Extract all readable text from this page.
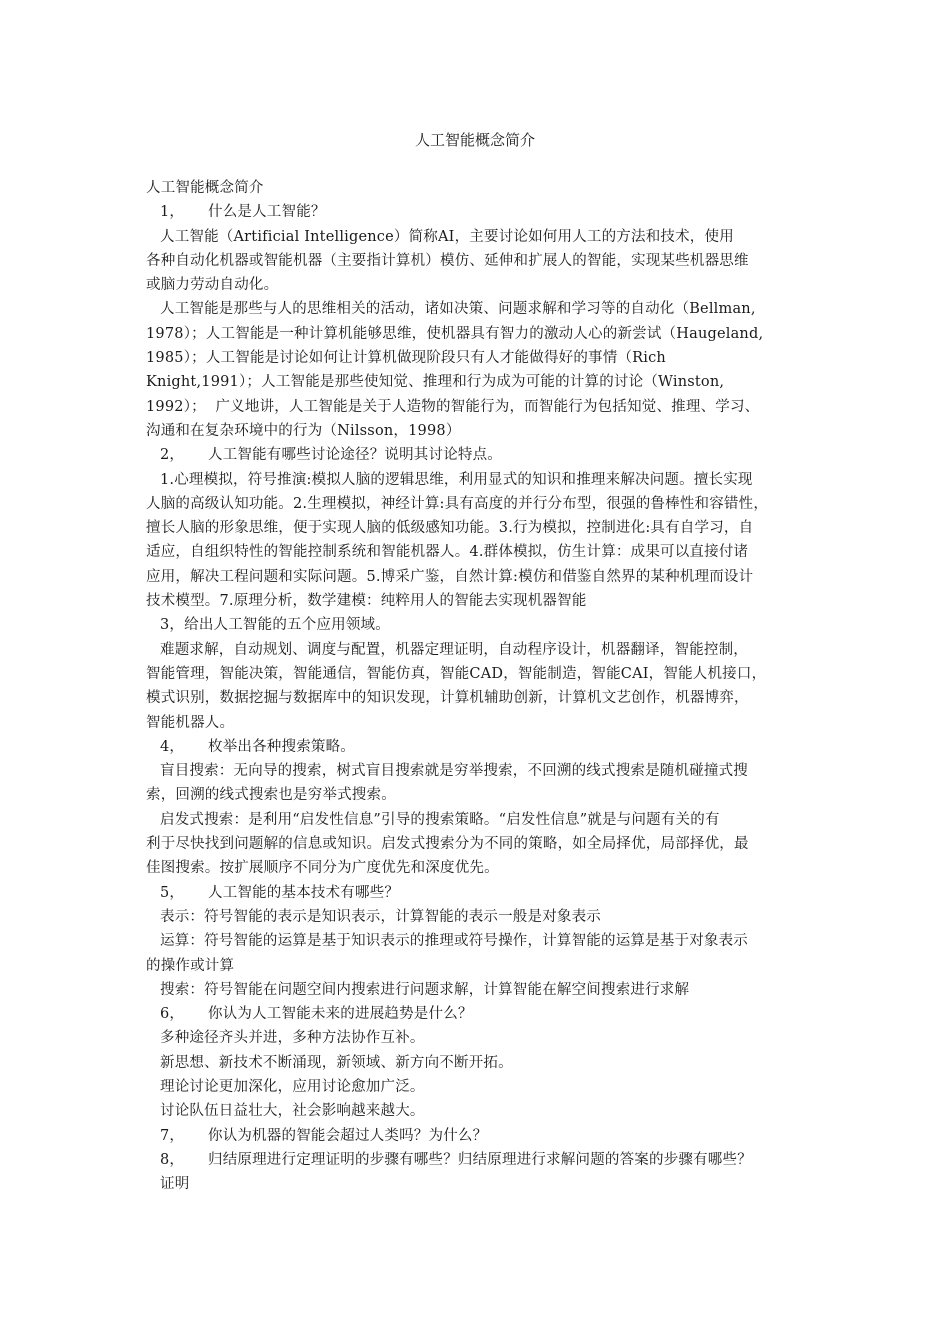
人工智能概念简介
人工智能概念简介
1， 什么是人工智能？
人工智能（Artificial Intelligence）简称AI，主要讨论如何用人工的方法和技术，使用
各种自动化机器或智能机器（主要指计算机）模仿、延伸和扩展人的智能，实现某些机器思维
或脑力劳动自动化。
人工智能是那些与人的思维相关的活动，诸如决策、问题求解和学习等的自动化（Bellman,
1978）；人工智能是一种计算机能够思维，使机器具有智力的激动人心的新尝试（Haugeland,
1985）；人工智能是讨论如何让计算机做现阶段只有人才能做得好的事情（Rich
Knight,1991）；人工智能是那些使知觉、推理和行为成为可能的计算的讨论（Winston,
1992）；  广义地讲，人工智能是关于人造物的智能行为，而智能行为包括知觉、推理、学习、
沟通和在复杂环境中的行为（Nilsson，1998）
2， 人工智能有哪些讨论途径？说明其讨论特点。
1.心理模拟，符号推演:模拟人脑的逻辑思维，利用显式的知识和推理来解决问题。擅长实现
人脑的高级认知功能。2.生理模拟，神经计算:具有高度的并行分布型，很强的鲁棒性和容错性，
擅长人脑的形象思维，便于实现人脑的低级感知功能。3.行为模拟，控制进化:具有自学习，自
适应，自组织特性的智能控制系统和智能机器人。4.群体模拟，仿生计算：成果可以直接付诸
应用，解决工程问题和实际问题。5.博采广鉴，自然计算:模仿和借鉴自然界的某种机理而设计
技术模型。7.原理分析，数学建模：纯粹用人的智能去实现机器智能
3，给出人工智能的五个应用领域。
难题求解，自动规划、调度与配置，机器定理证明，自动程序设计，机器翻译，智能控制，
智能管理，智能决策，智能通信，智能仿真，智能CAD，智能制造，智能CAI，智能人机接口，
模式识别，数据挖掘与数据库中的知识发现，计算机辅助创新，计算机文艺创作，机器博弈，
智能机器人。
4， 枚举出各种搜索策略。
盲目搜索：无向导的搜索，树式盲目搜索就是穷举搜索，不回溯的线式搜索是随机碰撞式搜
索，回溯的线式搜索也是穷举式搜索。
启发式搜索：是利用“启发性信息”引导的搜索策略。“启发性信息”就是与问题有关的有
利于尽快找到问题解的信息或知识。启发式搜索分为不同的策略，如全局择优，局部择优，最
佳图搜索。按扩展顺序不同分为广度优先和深度优先。
5， 人工智能的基本技术有哪些？
表示：符号智能的表示是知识表示，计算智能的表示一般是对象表示
运算：符号智能的运算是基于知识表示的推理或符号操作，计算智能的运算是基于对象表示
的操作或计算
搜索：符号智能在问题空间内搜索进行问题求解，计算智能在解空间搜索进行求解
6， 你认为人工智能未来的进展趋势是什么？
多种途径齐头并进，多种方法协作互补。
新思想、新技术不断涌现，新领域、新方向不断开拓。
理论讨论更加深化，应用讨论愈加广泛。
讨论队伍日益壮大，社会影响越来越大。
7， 你认为机器的智能会超过人类吗？为什么？
8， 归结原理进行定理证明的步骤有哪些？归结原理进行求解问题的答案的步骤有哪些？
证明
